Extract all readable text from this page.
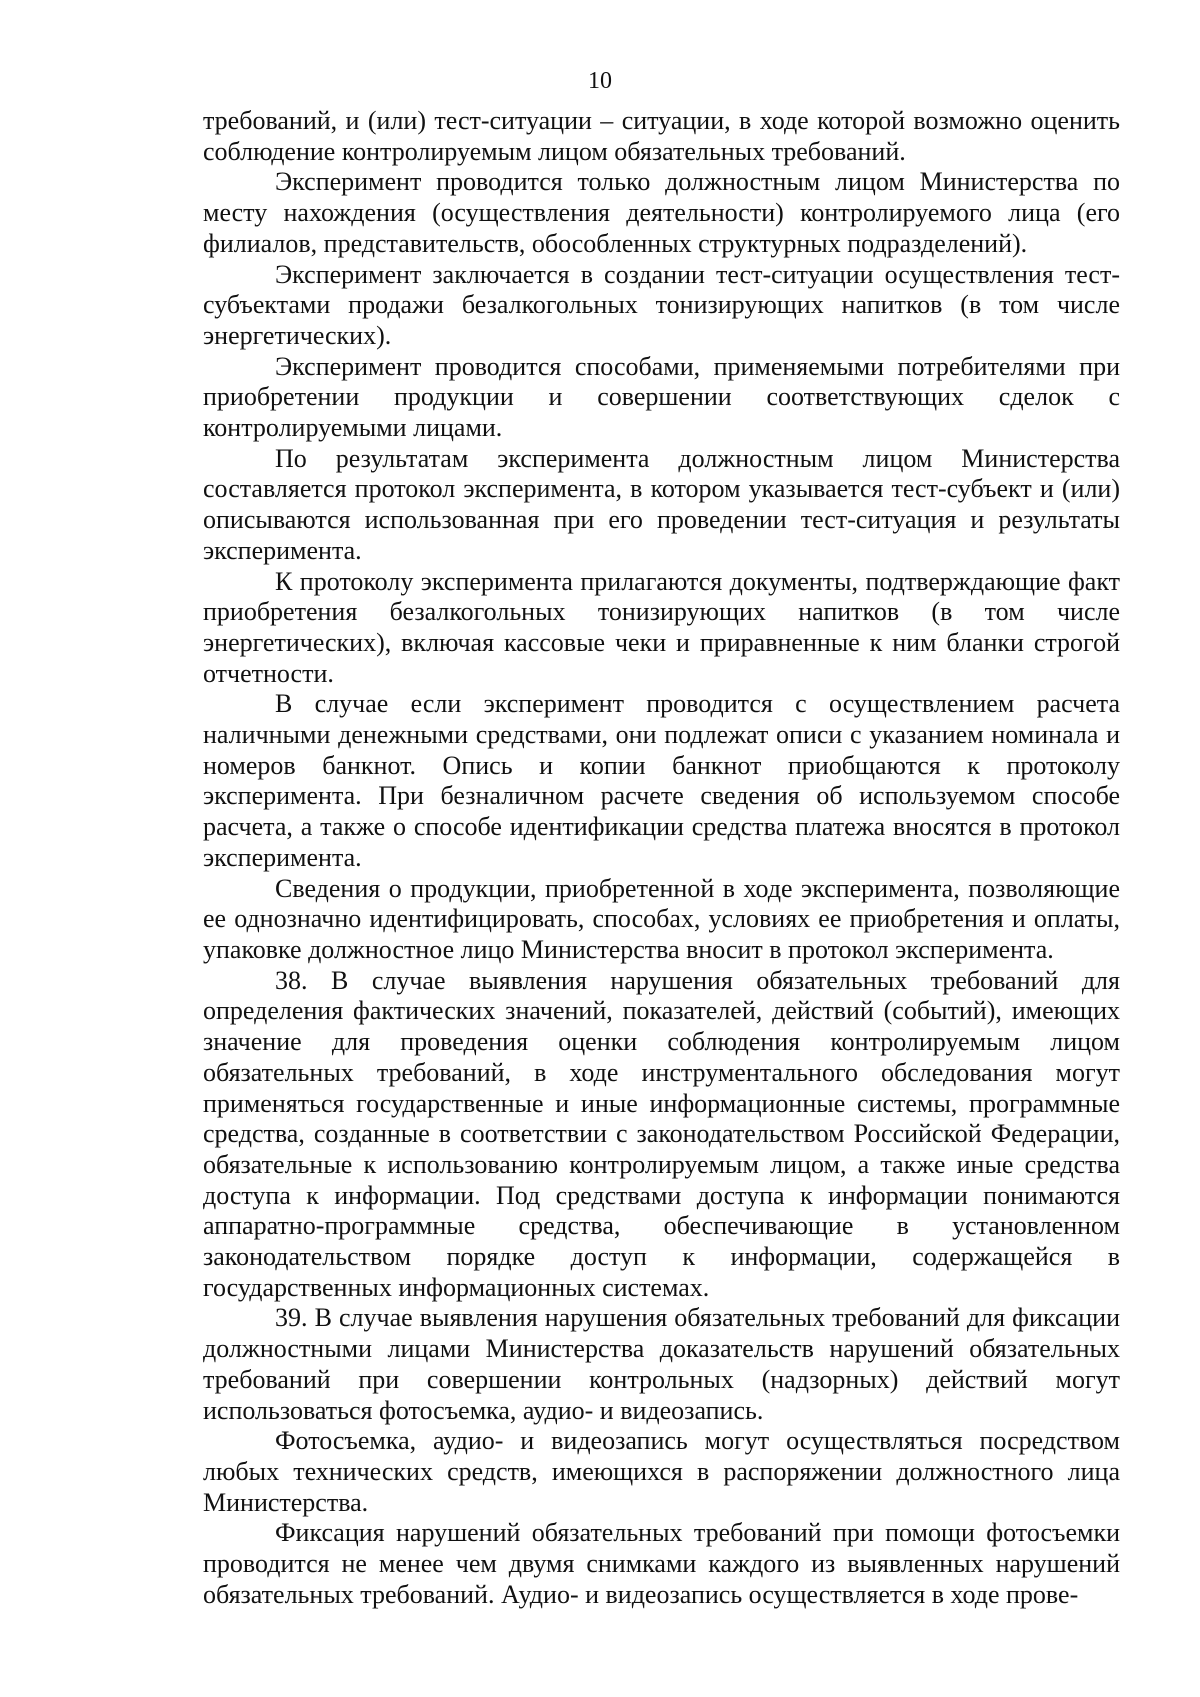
10

требований, и (или) тест-ситуации – ситуации, в ходе которой возможно оценить соблюдение контролируемым лицом обязательных требований.

Эксперимент проводится только должностным лицом Министерства по месту нахождения (осуществления деятельности) контролируемого лица (его филиалов, представительств, обособленных структурных подразделений).

Эксперимент заключается в создании тест-ситуации осуществления тест-субъектами продажи безалкогольных тонизирующих напитков (в том числе энергетических).

Эксперимент проводится способами, применяемыми потребителями при приобретении продукции и совершении соответствующих сделок с контролируемыми лицами.

По результатам эксперимента должностным лицом Министерства составляется протокол эксперимента, в котором указывается тест-субъект и (или) описываются использованная при его проведении тест-ситуация и результаты эксперимента.

К протоколу эксперимента прилагаются документы, подтверждающие факт приобретения безалкогольных тонизирующих напитков (в том числе энергетических), включая кассовые чеки и приравненные к ним бланки строгой отчетности.

В случае если эксперимент проводится с осуществлением расчета наличными денежными средствами, они подлежат описи с указанием номинала и номеров банкнот. Опись и копии банкнот приобщаются к протоколу эксперимента. При безналичном расчете сведения об используемом способе расчета, а также о способе идентификации средства платежа вносятся в протокол эксперимента.

Сведения о продукции, приобретенной в ходе эксперимента, позволяющие ее однозначно идентифицировать, способах, условиях ее приобретения и оплаты, упаковке должностное лицо Министерства вносит в протокол эксперимента.

38. В случае выявления нарушения обязательных требований для определения фактических значений, показателей, действий (событий), имеющих значение для проведения оценки соблюдения контролируемым лицом обязательных требований, в ходе инструментального обследования могут применяться государственные и иные информационные системы, программные средства, созданные в соответствии с законодательством Российской Федерации, обязательные к использованию контролируемым лицом, а также иные средства доступа к информации. Под средствами доступа к информации понимаются аппаратно-программные средства, обеспечивающие в установленном законодательством порядке доступ к информации, содержащейся в государственных информационных системах.

39. В случае выявления нарушения обязательных требований для фиксации должностными лицами Министерства доказательств нарушений обязательных требований при совершении контрольных (надзорных) действий могут использоваться фотосъемка, аудио- и видеозапись.

Фотосъемка, аудио- и видеозапись могут осуществляться посредством любых технических средств, имеющихся в распоряжении должностного лица Министерства.

Фиксация нарушений обязательных требований при помощи фотосъемки проводится не менее чем двумя снимками каждого из выявленных нарушений обязательных требований. Аудио- и видеозапись осуществляется в ходе прове-
